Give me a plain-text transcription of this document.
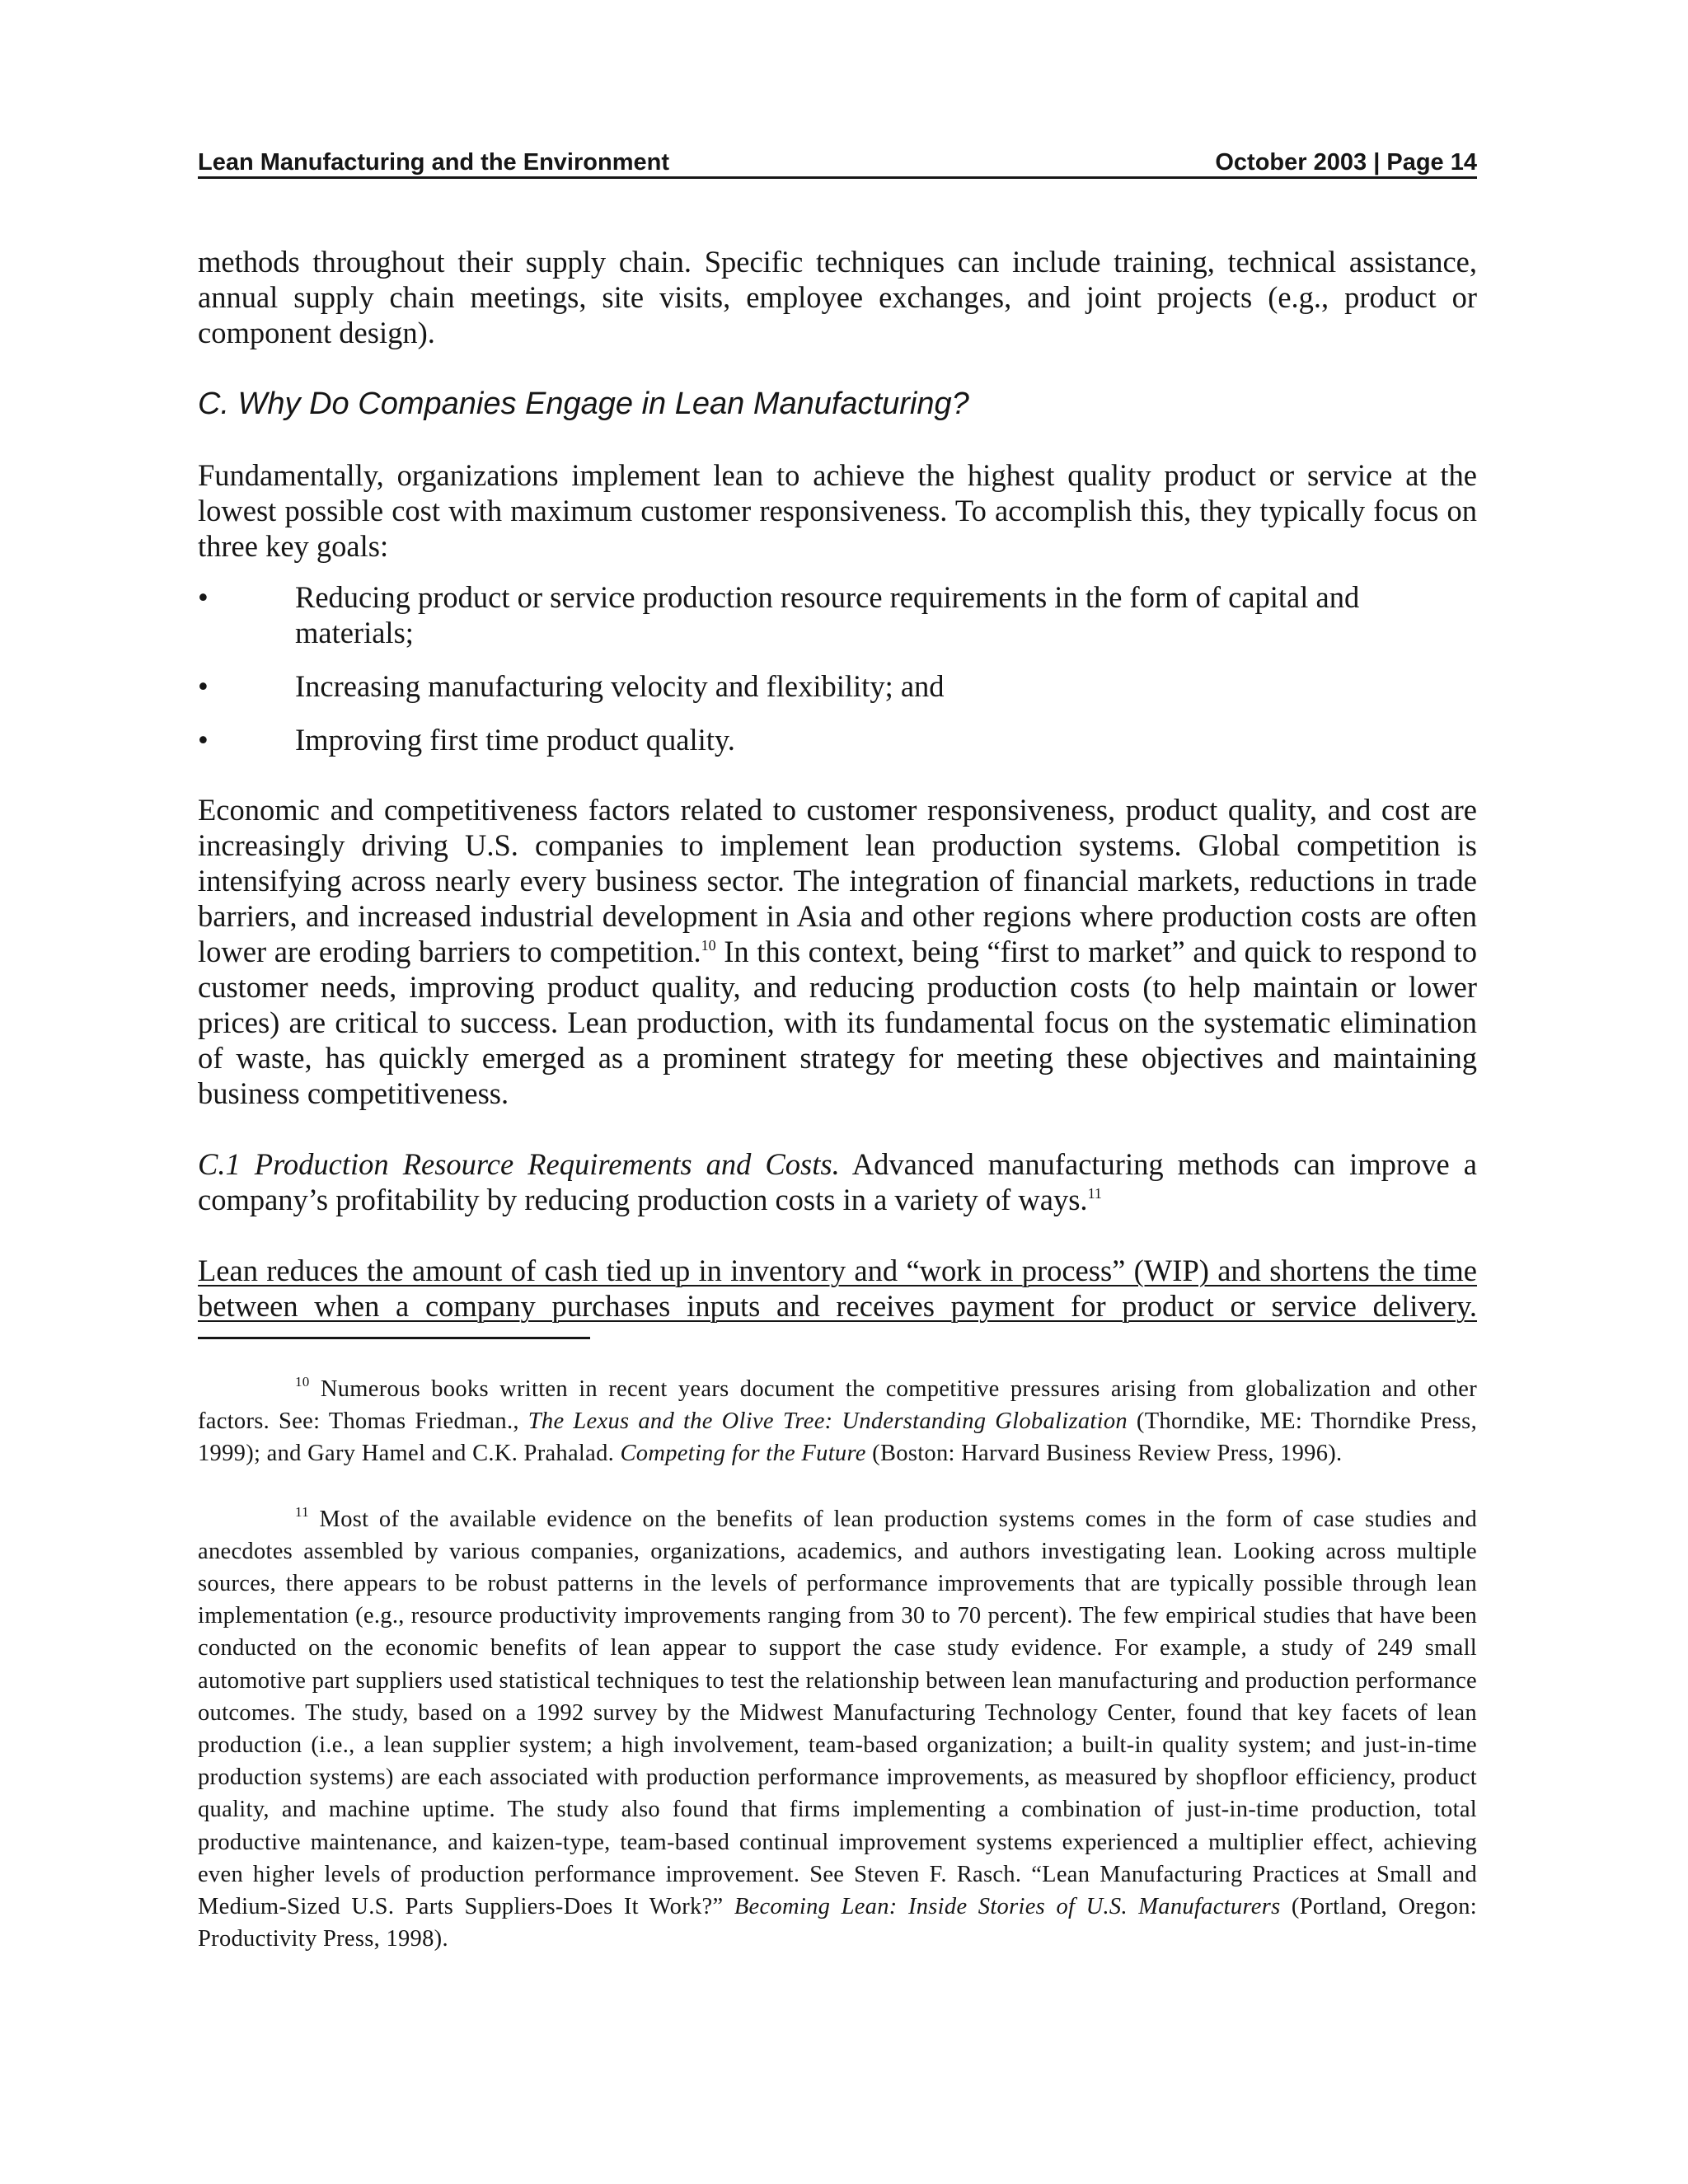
Lean Manufacturing and the Environment	October 2003 | Page 14

methods throughout their supply chain. Specific techniques can include training, technical assistance, annual supply chain meetings, site visits, employee exchanges, and joint projects (e.g., product or component design).

C. Why Do Companies Engage in Lean Manufacturing?

Fundamentally, organizations implement lean to achieve the highest quality product or service at the lowest possible cost with maximum customer responsiveness. To accomplish this, they typically focus on three key goals:

•	Reducing product or service production resource requirements in the form of capital and materials;
•	Increasing manufacturing velocity and flexibility; and
•	Improving first time product quality.

Economic and competitiveness factors related to customer responsiveness, product quality, and cost are increasingly driving U.S. companies to implement lean production systems. Global competition is intensifying across nearly every business sector. The integration of financial markets, reductions in trade barriers, and increased industrial development in Asia and other regions where production costs are often lower are eroding barriers to competition.$^{10}$ In this context, being “first to market” and quick to respond to customer needs, improving product quality, and reducing production costs (to help maintain or lower prices) are critical to success. Lean production, with its fundamental focus on the systematic elimination of waste, has quickly emerged as a prominent strategy for meeting these objectives and maintaining business competitiveness.

C.1 Production Resource Requirements and Costs. Advanced manufacturing methods can improve a company’s profitability by reducing production costs in a variety of ways.$^{11}$

Lean reduces the amount of cash tied up in inventory and “work in process” (WIP) and shortens the time between when a company purchases inputs and receives payment for product or service delivery.

$^{10}$ Numerous books written in recent years document the competitive pressures arising from globalization and other factors. See: Thomas Friedman., The Lexus and the Olive Tree: Understanding Globalization (Thorndike, ME: Thorndike Press, 1999); and Gary Hamel and C.K. Prahalad. Competing for the Future (Boston: Harvard Business Review Press, 1996).

$^{11}$ Most of the available evidence on the benefits of lean production systems comes in the form of case studies and anecdotes assembled by various companies, organizations, academics, and authors investigating lean. Looking across multiple sources, there appears to be robust patterns in the levels of performance improvements that are typically possible through lean implementation (e.g., resource productivity improvements ranging from 30 to 70 percent). The few empirical studies that have been conducted on the economic benefits of lean appear to support the case study evidence. For example, a study of 249 small automotive part suppliers used statistical techniques to test the relationship between lean manufacturing and production performance outcomes. The study, based on a 1992 survey by the Midwest Manufacturing Technology Center, found that key facets of lean production (i.e., a lean supplier system; a high involvement, team-based organization; a built-in quality system; and just-in-time production systems) are each associated with production performance improvements, as measured by shopfloor efficiency, product quality, and machine uptime. The study also found that firms implementing a combination of just-in-time production, total productive maintenance, and kaizen-type, team-based continual improvement systems experienced a multiplier effect, achieving even higher levels of production performance improvement. See Steven F. Rasch. “Lean Manufacturing Practices at Small and Medium-Sized U.S. Parts Suppliers-Does It Work?” Becoming Lean: Inside Stories of U.S. Manufacturers (Portland, Oregon: Productivity Press, 1998).
